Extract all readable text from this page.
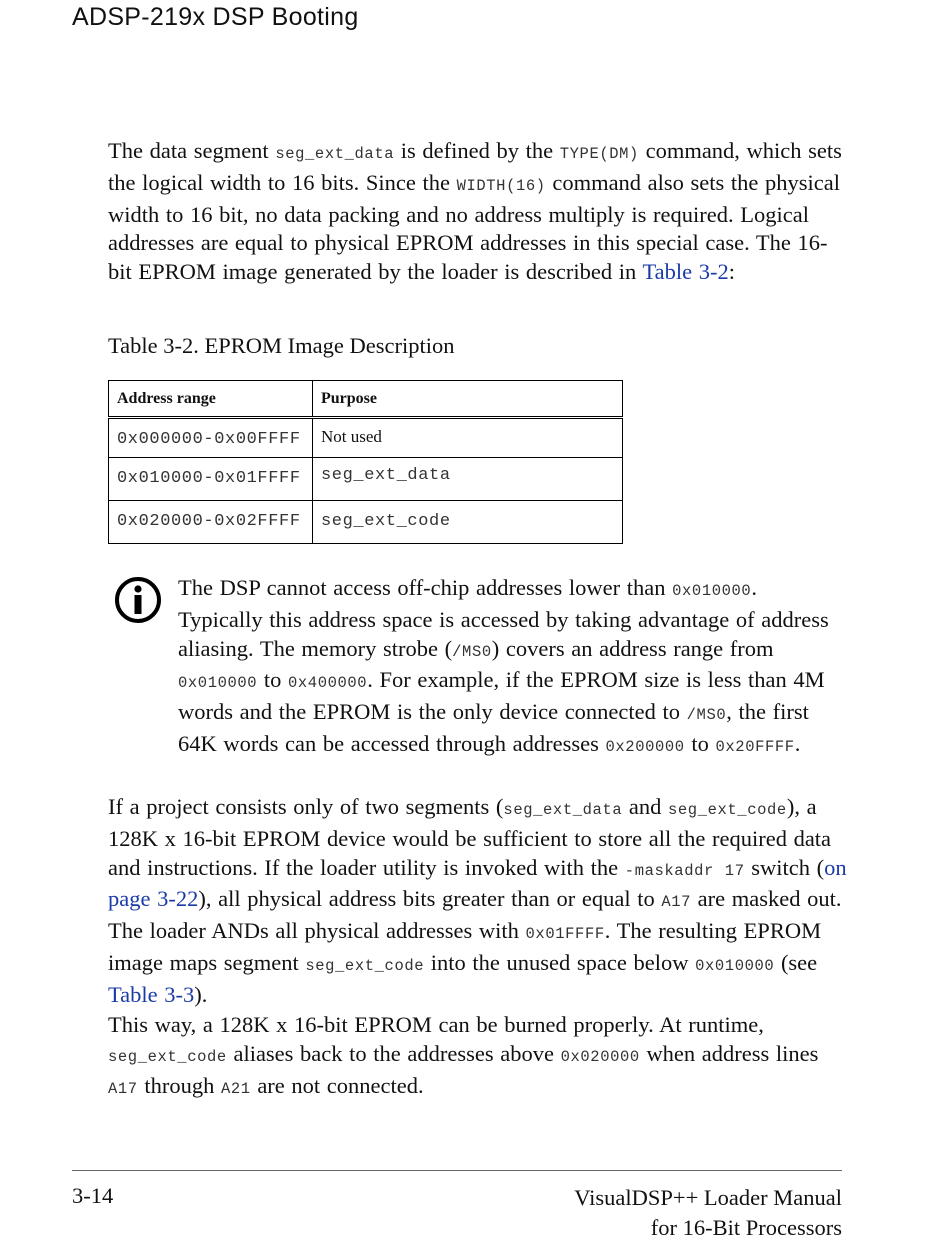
ADSP-219x DSP Booting
The data segment seg_ext_data is defined by the TYPE(DM) command, which sets the logical width to 16 bits. Since the WIDTH(16) command also sets the physical width to 16 bit, no data packing and no address multiply is required. Logical addresses are equal to physical EPROM addresses in this special case. The 16-bit EPROM image generated by the loader is described in Table 3-2:
Table 3-2. EPROM Image Description
Address range	Purpose
0x000000-0x00FFFF	Not used
0x010000-0x01FFFF	seg_ext_data
0x020000-0x02FFFF	seg_ext_code
The DSP cannot access off-chip addresses lower than 0x010000. Typically this address space is accessed by taking advantage of address aliasing. The memory strobe (/MS0) covers an address range from 0x010000 to 0x400000. For example, if the EPROM size is less than 4M words and the EPROM is the only device connected to /MS0, the first 64K words can be accessed through addresses 0x200000 to 0x20FFFF.
If a project consists only of two segments (seg_ext_data and seg_ext_code), a 128K x 16-bit EPROM device would be sufficient to store all the required data and instructions. If the loader utility is invoked with the -maskaddr 17 switch (on page 3-22), all physical address bits greater than or equal to A17 are masked out. The loader ANDs all physical addresses with 0x01FFFF. The resulting EPROM image maps segment seg_ext_code into the unused space below 0x010000 (see Table 3-3).
This way, a 128K x 16-bit EPROM can be burned properly. At runtime, seg_ext_code aliases back to the addresses above 0x020000 when address lines A17 through A21 are not connected.
3-14	VisualDSP++ Loader Manual
for 16-Bit Processors
